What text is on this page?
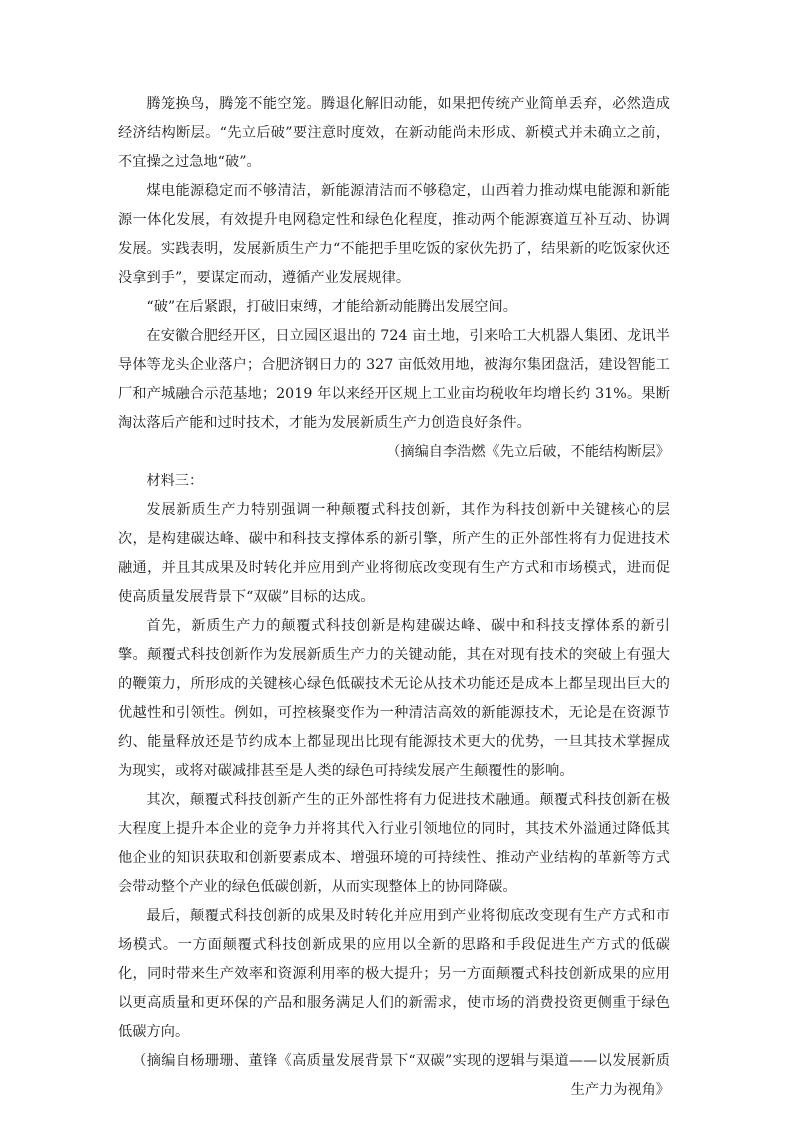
腾笼换鸟，腾笼不能空笼。腾退化解旧动能，如果把传统产业简单丢弃，必然造成经济结构断层。“先立后破”要注意时度效，在新动能尚未形成、新模式并未确立之前，不宜操之过急地“破”。

煤电能源稳定而不够清洁，新能源清洁而不够稳定，山西着力推动煤电能源和新能源一体化发展，有效提升电网稳定性和绿色化程度，推动两个能源赛道互补互动、协调发展。实践表明，发展新质生产力“不能把手里吃饭的家伙先扔了，结果新的吃饭家伙还没拿到手”，要谋定而动，遵循产业发展规律。

“破”在后紧跟，打破旧束缚，才能给新动能腾出发展空间。

在安徽合肥经开区，日立园区退出的 724 亩土地，引来哈工大机器人集团、龙讯半导体等龙头企业落户；合肥济钢日力的 327 亩低效用地，被海尔集团盘活，建设智能工厂和产城融合示范基地；2019 年以来经开区规上工业亩均税收年均增长约 31%。果断淘汰落后产能和过时技术，才能为发展新质生产力创造良好条件。

（摘编自李浩燃《先立后破，不能结构断层》

材料三：

发展新质生产力特别强调一种颠覆式科技创新，其作为科技创新中关键核心的层次，是构建碳达峰、碳中和科技支撑体系的新引擎，所产生的正外部性将有力促进技术融通，并且其成果及时转化并应用到产业将彻底改变现有生产方式和市场模式，进而促使高质量发展背景下“双碳”目标的达成。

首先，新质生产力的颠覆式科技创新是构建碳达峰、碳中和科技支撑体系的新引擎。颠覆式科技创新作为发展新质生产力的关键动能，其在对现有技术的突破上有强大的鞭策力，所形成的关键核心绿色低碳技术无论从技术功能还是成本上都呈现出巨大的优越性和引领性。例如，可控核聚变作为一种清洁高效的新能源技术，无论是在资源节约、能量释放还是节约成本上都显现出比现有能源技术更大的优势，一旦其技术掌握成为现实，或将对碳减排甚至是人类的绿色可持续发展产生颠覆性的影响。

其次，颠覆式科技创新产生的正外部性将有力促进技术融通。颠覆式科技创新在极大程度上提升本企业的竞争力并将其代入行业引领地位的同时，其技术外溢通过降低其他企业的知识获取和创新要素成本、增强环境的可持续性、推动产业结构的革新等方式会带动整个产业的绿色低碳创新，从而实现整体上的协同降碳。

最后，颠覆式科技创新的成果及时转化并应用到产业将彻底改变现有生产方式和市场模式。一方面颠覆式科技创新成果的应用以全新的思路和手段促进生产方式的低碳化，同时带来生产效率和资源利用率的极大提升；另一方面颠覆式科技创新成果的应用以更高质量和更环保的产品和服务满足人们的新需求，使市场的消费投资更侧重于绿色低碳方向。

（摘编自杨珊珊、董锋《高质量发展背景下“双碳”实现的逻辑与渠道——以发展新质生产力为视角》
